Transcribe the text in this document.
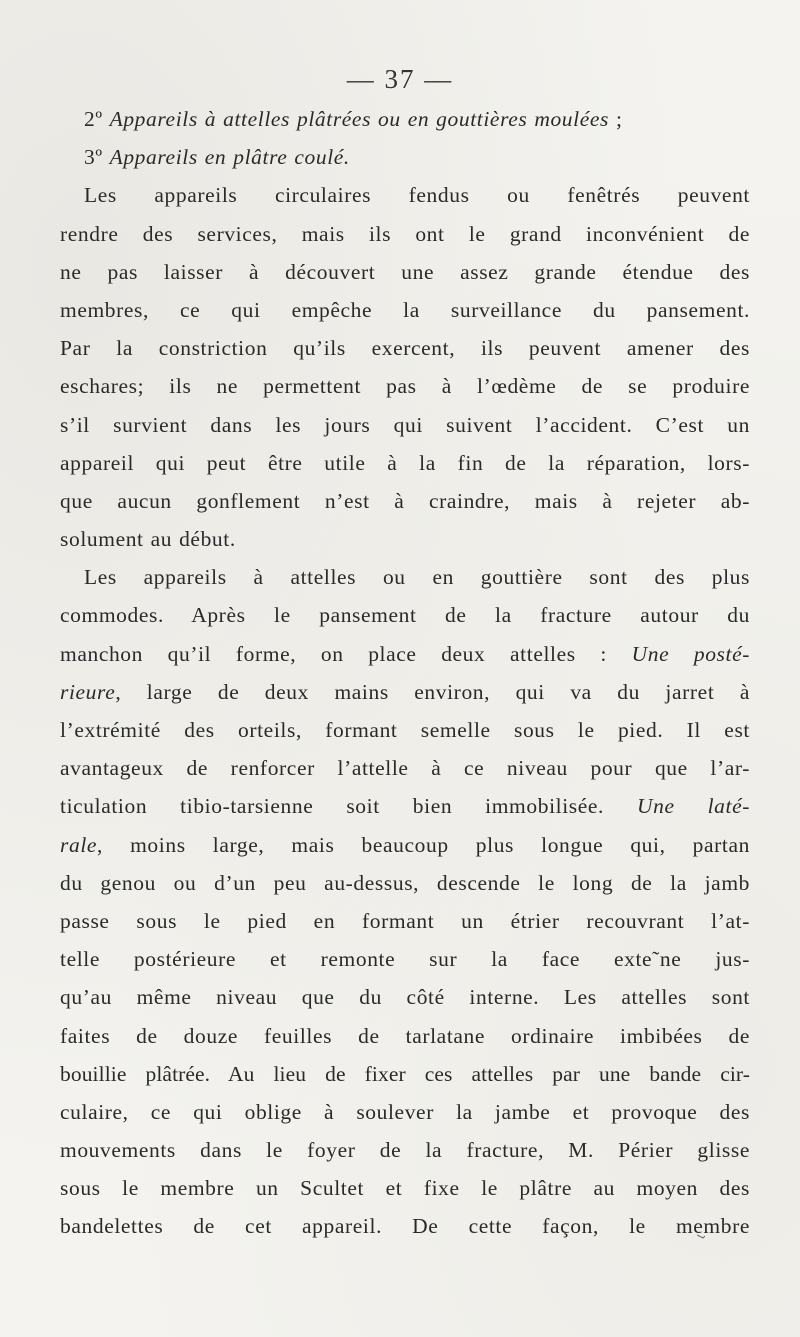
— 37 —
2º Appareils à attelles plâtrées ou en gouttières moulées ;
3º Appareils en plâtre coulé.
Les appareils circulaires fendus ou fenêtrés peuvent
rendre des services, mais ils ont le grand inconvénient de
ne pas laisser à découvert une assez grande étendue des
membres, ce qui empêche la surveillance du pansement.
Par la constriction qu’ils exercent, ils peuvent amener des
eschares; ils ne permettent pas à l’œdème de se produire
s’il survient dans les jours qui suivent l’accident. C’est un
appareil qui peut être utile à la fin de la réparation, lors-
que aucun gonflement n’est à craindre, mais à rejeter ab-
solument au début.
Les appareils à attelles ou en gouttière sont des plus
commodes. Après le pansement de la fracture autour du
manchon qu’il forme, on place deux attelles : Une posté-
rieure, large de deux mains environ, qui va du jarret à
l’extrémité des orteils, formant semelle sous le pied. Il est
avantageux de renforcer l’attelle à ce niveau pour que l’ar-
ticulation tibio-tarsienne soit bien immobilisée. Une laté-
rale, moins large, mais beaucoup plus longue qui, partan
du genou ou d’un peu au-dessus, descende le long de la jamb
passe sous le pied en formant un étrier recouvrant l’at-
telle postérieure et remonte sur la face exte˜ne jus-
qu’au même niveau que du côté interne. Les attelles sont
faites de douze feuilles de tarlatane ordinaire imbibées de
bouillie plâtrée. Au lieu de fixer ces attelles par une bande cir-
culaire, ce qui oblige à soulever la jambe et provoque des
mouvements dans le foyer de la fracture, M. Périer glisse
sous le membre un Scultet et fixe le plâtre au moyen des
bandelettes de cet appareil. De cette façon, le membre
